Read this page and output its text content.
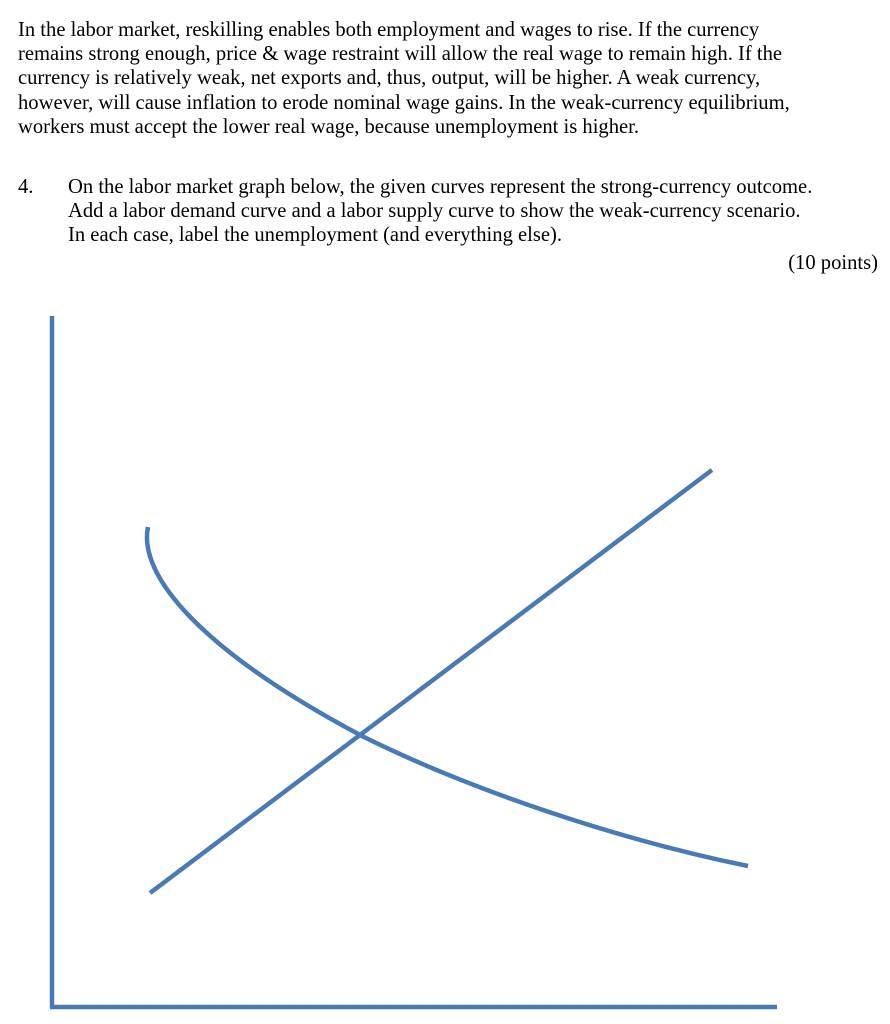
In the labor market, reskilling enables both employment and wages to rise. If the currency
remains strong enough, price & wage restraint will allow the real wage to remain high. If the
currency is relatively weak, net exports and, thus, output, will be higher. A weak currency,
however, will cause inflation to erode nominal wage gains. In the weak-currency equilibrium,
workers must accept the lower real wage, because unemployment is higher.
4. On the labor market graph below, the given curves represent the strong-currency outcome.
Add a labor demand curve and a labor supply curve to show the weak-currency scenario.
In each case, label the unemployment (and everything else).
(10 points)
